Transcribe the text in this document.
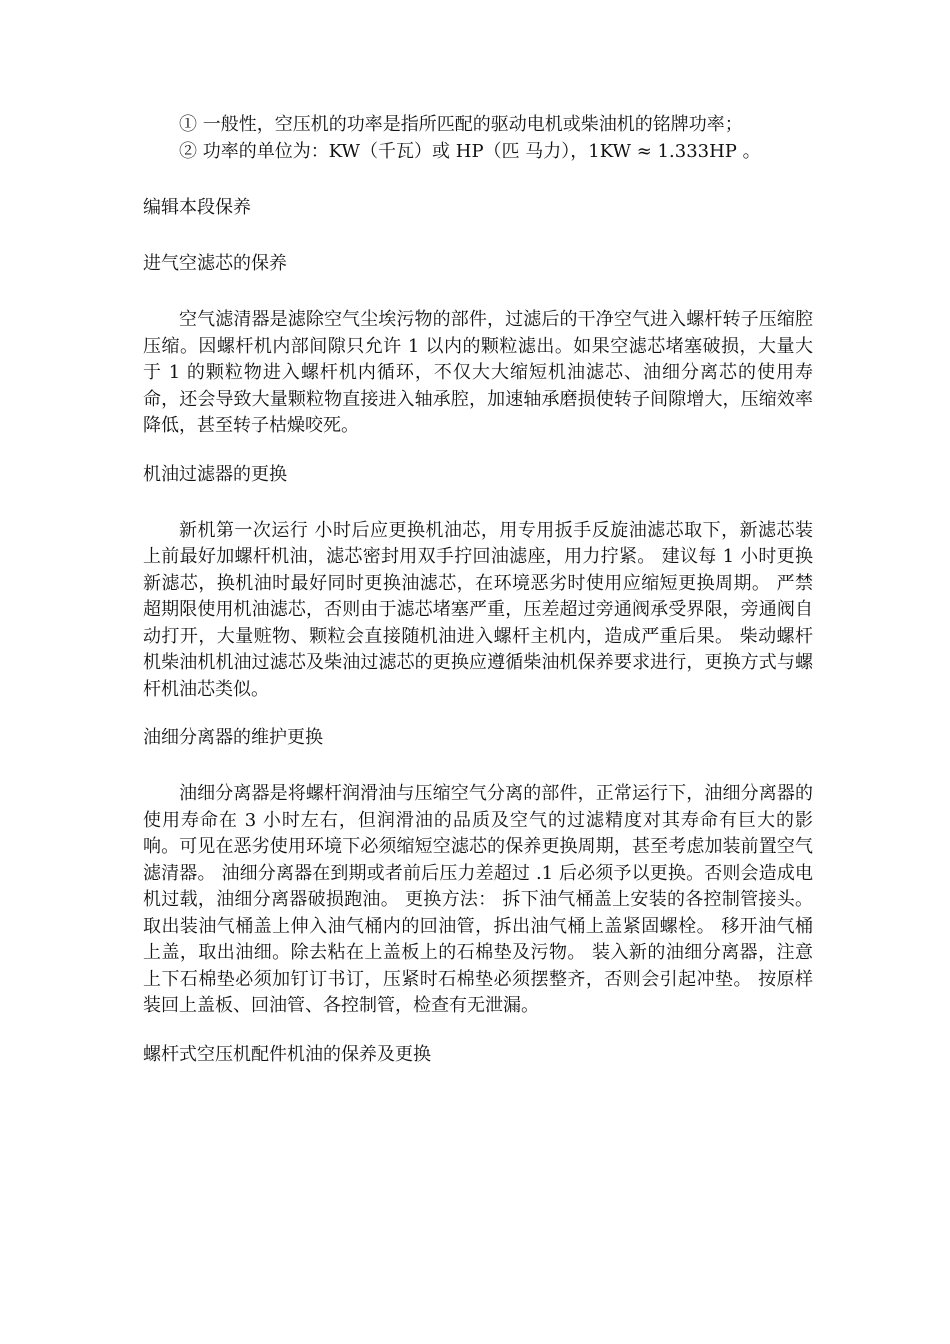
① 一般性，空压机的功率是指所匹配的驱动电机或柴油机的铭牌功率；

② 功率的单位为：KW（千瓦）或 HP（匹 马力），1KW ≈ 1.333HP 。

编辑本段保养

进气空滤芯的保养

空气滤清器是滤除空气尘埃污物的部件，过滤后的干净空气进入螺杆转子压缩腔压缩。因螺杆机内部间隙只允许 1 以内的颗粒滤出。如果空滤芯堵塞破损，大量大于 1 的颗粒物进入螺杆机内循环，不仅大大缩短机油滤芯、油细分离芯的使用寿命，还会导致大量颗粒物直接进入轴承腔，加速轴承磨损使转子间隙增大，压缩效率降低，甚至转子枯燥咬死。

机油过滤器的更换

新机第一次运行 小时后应更换机油芯，用专用扳手反旋油滤芯取下，新滤芯装上前最好加螺杆机油，滤芯密封用双手拧回油滤座，用力拧紧。 建议每 1 小时更换新滤芯，换机油时最好同时更换油滤芯，在环境恶劣时使用应缩短更换周期。 严禁超期限使用机油滤芯，否则由于滤芯堵塞严重，压差超过旁通阀承受界限，旁通阀自动打开，大量赃物、颗粒会直接随机油进入螺杆主机内，造成严重后果。 柴动螺杆机柴油机机油过滤芯及柴油过滤芯的更换应遵循柴油机保养要求进行，更换方式与螺杆机油芯类似。

油细分离器的维护更换

油细分离器是将螺杆润滑油与压缩空气分离的部件，正常运行下，油细分离器的使用寿命在 3 小时左右，但润滑油的品质及空气的过滤精度对其寿命有巨大的影响。可见在恶劣使用环境下必须缩短空滤芯的保养更换周期，甚至考虑加装前置空气滤清器。 油细分离器在到期或者前后压力差超过 .1 后必须予以更换。否则会造成电机过载，油细分离器破损跑油。 更换方法： 拆下油气桶盖上安装的各控制管接头。取出装油气桶盖上伸入油气桶内的回油管，拆出油气桶上盖紧固螺栓。 移开油气桶上盖，取出油细。除去粘在上盖板上的石棉垫及污物。 装入新的油细分离器，注意上下石棉垫必须加钉订书订，压紧时石棉垫必须摆整齐，否则会引起冲垫。 按原样装回上盖板、回油管、各控制管，检查有无泄漏。

螺杆式空压机配件机油的保养及更换
